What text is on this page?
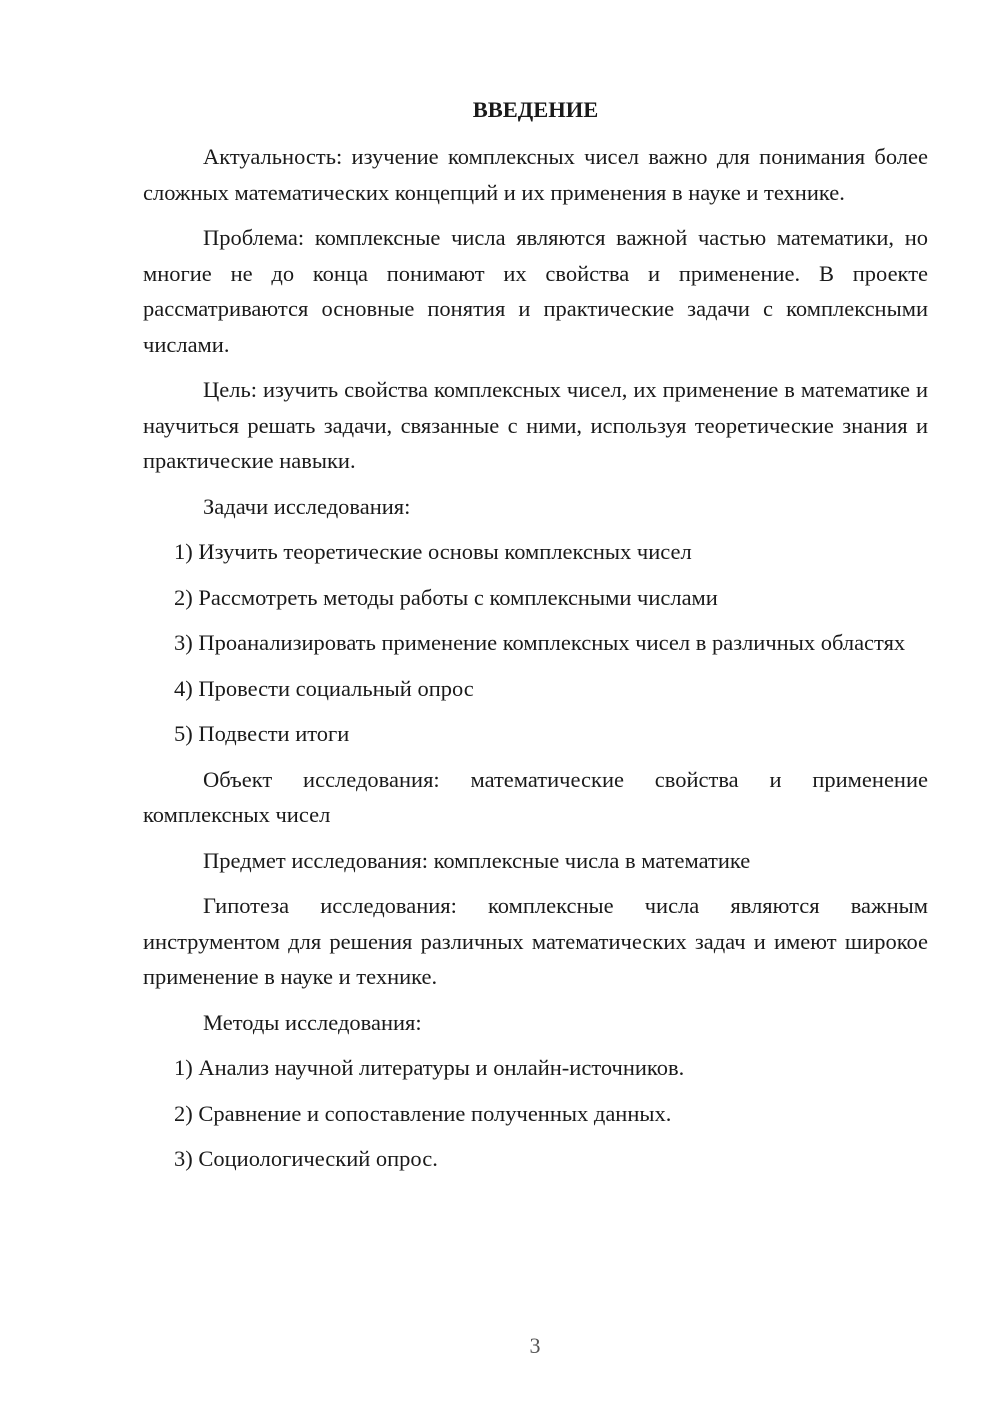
ВВЕДЕНИЕ
Актуальность: изучение комплексных чисел важно для понимания более сложных математических концепций и их применения в науке и технике.
Проблема: комплексные числа являются важной частью математики, но многие не до конца понимают их свойства и применение. В проекте рассматриваются основные понятия и практические задачи с комплексными числами.
Цель: изучить свойства комплексных чисел, их применение в математике и научиться решать задачи, связанные с ними, используя теоретические знания и практические навыки.
Задачи исследования:
1) Изучить теоретические основы комплексных чисел
2) Рассмотреть методы работы с комплексными числами
3) Проанализировать применение комплексных чисел в различных областях
4) Провести социальный опрос
5) Подвести итоги
Объект исследования: математические свойства и применение комплексных чисел
Предмет исследования: комплексные числа в математике
Гипотеза исследования: комплексные числа являются важным инструментом для решения различных математических задач и имеют широкое применение в науке и технике.
Методы исследования:
1) Анализ научной литературы и онлайн-источников.
2) Сравнение и сопоставление полученных данных.
3) Социологический опрос.
3
